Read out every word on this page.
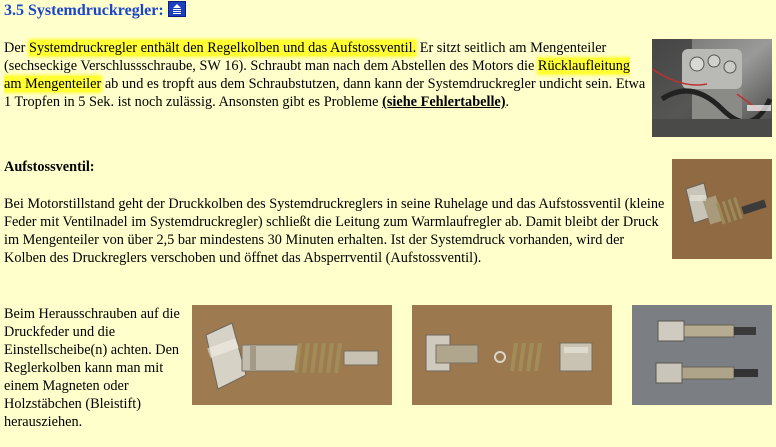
3.5 Systemdruckregler:
Der Systemdruckregler enthält den Regelkolben und das Aufstossventil. Er sitzt seitlich am Mengenteiler (sechseckige Verschlussschraube, SW 16). Schraubt man nach dem Abstellen des Motors die Rücklaufleitung am Mengenteiler ab und es tropft aus dem Schraubstutzen, dann kann der Systemdruckregler undicht sein. Etwa 1 Tropfen in 5 Sek. ist noch zulässig. Ansonsten gibt es Probleme (siehe Fehlertabelle).
Aufstossventil:
Bei Motorstillstand geht der Druckkolben des Systemdruckreglers in seine Ruhelage und das Aufstossventil (kleine Feder mit Ventilnadel im Systemdruckregler) schließt die Leitung zum Warmlaufregler ab. Damit bleibt der Druck im Mengenteiler von über 2,5 bar mindestens 30 Minuten erhalten. Ist der Systemdruck vorhanden, wird der Kolben des Druckreglers verschoben und öffnet das Absperrventil (Aufstossventil).
Beim Herausschrauben auf die Druckfeder und die Einstellscheibe(n) achten. Den Reglerkolben kann man mit einem Magneten oder Holzstäbchen (Bleistift) herausziehen.
